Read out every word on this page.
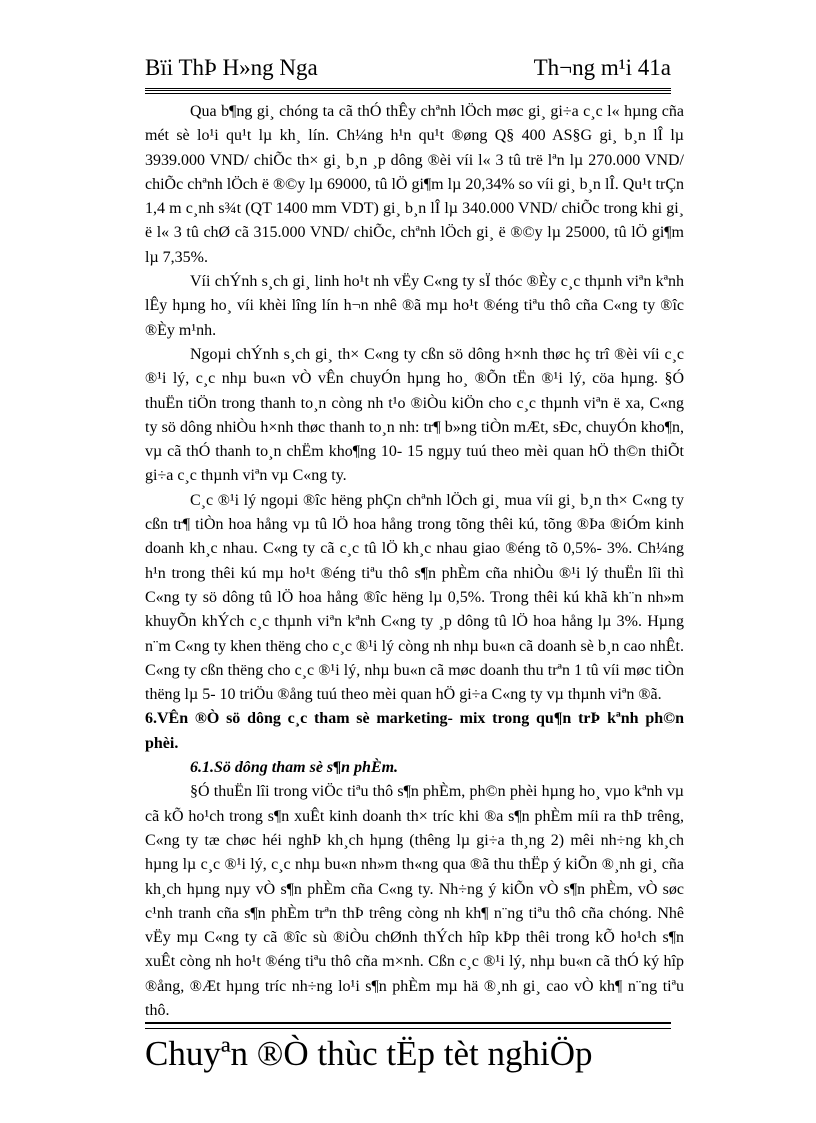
Bïi ThÞ H»ng Nga	Th¬ng m¹i 41a

Qua b¶ng gi¸ chóng ta cã thÓ thÊy chªnh lÖch møc gi¸ gi÷a c¸c l« hµng cña mét sè lo¹i qu¹t lµ kh¸ lín. Ch¼ng h¹n qu¹t ®øng Q§ 400 AS§G gi¸ b¸n lÎ lµ 3939.000 VND/ chiÕc th× gi¸ b¸n ¸p dông ®èi víi l« 3 tû trë lªn lµ 270.000 VND/ chiÕc chªnh lÖch ë ®©y lµ 69000, tû lÖ gi¶m lµ 20,34% so víi gi¸ b¸n lÎ. Qu¹t trÇn 1,4 m c¸nh s¾t (QT 1400 mm VDT) gi¸ b¸n lÎ lµ 340.000 VND/ chiÕc trong khi gi¸ ë l« 3 tû chØ cã 315.000 VND/ chiÕc, chªnh lÖch gi¸ ë ®©y lµ 25000, tû lÖ gi¶m lµ 7,35%.

Víi chÝnh s¸ch gi¸ linh ho¹t nh vËy C«ng ty sÏ thóc ®Èy c¸c thµnh viªn kªnh lÊy hµng ho¸ víi khèi lîng lín h¬n nhê ®ã mµ ho¹t ®éng tiªu thô cña C«ng ty ®îc ®Èy m¹nh.

Ngoµi chÝnh s¸ch gi¸ th× C«ng ty cßn sö dông h×nh thøc hç trî ®èi víi c¸c ®¹i lý, c¸c nhµ bu«n vÒ vÊn chuyÓn hµng ho¸ ®Õn tËn ®¹i lý, cöa hµng. §Ó thuËn tiÖn trong thanh to¸n còng nh t¹o ®iÒu kiÖn cho c¸c thµnh viªn ë xa, C«ng ty sö dông nhiÒu h×nh thøc thanh to¸n nh: tr¶ b»ng tiÒn mÆt, sÐc, chuyÓn kho¶n, vµ cã thÓ thanh to¸n chËm kho¶ng 10- 15 ngµy tuú theo mèi quan hÖ th©n thiÕt gi÷a c¸c thµnh viªn vµ C«ng ty.

C¸c ®¹i lý ngoµi ®îc hëng phÇn chªnh lÖch gi¸ mua víi gi¸ b¸n th× C«ng ty cßn tr¶ tiÒn hoa hång vµ tû lÖ hoa hång trong tõng thêi kú, tõng ®Þa ®iÓm kinh doanh kh¸c nhau. C«ng ty cã c¸c tû lÖ kh¸c nhau giao ®éng tõ 0,5%- 3%. Ch¼ng h¹n trong thêi kú mµ ho¹t ®éng tiªu thô s¶n phÈm cña nhiÒu ®¹i lý thuËn lîi thì C«ng ty sö dông tû lÖ hoa hång ®îc hëng lµ 0,5%. Trong thêi kú khã kh¨n nh»m khuyÕn khÝch c¸c thµnh viªn kªnh C«ng ty ¸p dông tû lÖ hoa hång lµ 3%. Hµng n¨m C«ng ty khen thëng cho c¸c ®¹i lý còng nh nhµ bu«n cã doanh sè b¸n cao nhÊt. C«ng ty cßn thëng cho c¸c ®¹i lý, nhµ bu«n cã møc doanh thu trªn 1 tû víi møc tiÒn thëng lµ 5- 10 triÖu ®ång tuú theo mèi quan hÖ gi÷a C«ng ty vµ thµnh viªn ®ã.

6.VÊn ®Ò sö dông c¸c tham sè marketing- mix trong qu¶n trÞ kªnh ph©n phèi.
6.1.Sö dông tham sè s¶n phÈm.

§Ó thuËn lîi trong viÖc tiªu thô s¶n phÈm, ph©n phèi hµng ho¸ vµo kªnh vµ cã kÕ ho¹ch trong s¶n xuÊt kinh doanh th× tríc khi ®a s¶n phÈm míi ra thÞ trêng, C«ng ty tæ chøc héi nghÞ kh¸ch hµng (thêng lµ gi÷a th¸ng 2) mêi nh÷ng kh¸ch hµng lµ c¸c ®¹i lý, c¸c nhµ bu«n nh»m th«ng qua ®ã thu thËp ý kiÕn ®¸nh gi¸ cña kh¸ch hµng nµy vÒ s¶n phÈm cña C«ng ty. Nh÷ng ý kiÕn vÒ s¶n phÈm, vÒ søc c¹nh tranh cña s¶n phÈm trªn thÞ trêng còng nh kh¶ n¨ng tiªu thô cña chóng. Nhê vËy mµ C«ng ty cã ®îc sù ®iÒu chØnh thÝch hîp kÞp thêi trong kÕ ho¹ch s¶n xuÊt còng nh ho¹t ®éng tiªu thô cña m×nh. Cßn c¸c ®¹i lý, nhµ bu«n cã thÓ ký hîp ®ång, ®Æt hµng tríc nh÷ng lo¹i s¶n phÈm mµ hä ®¸nh gi¸ cao vÒ kh¶ n¨ng tiªu thô.

Chuyªn ®Ò thùc tËp tèt nghiÖp
